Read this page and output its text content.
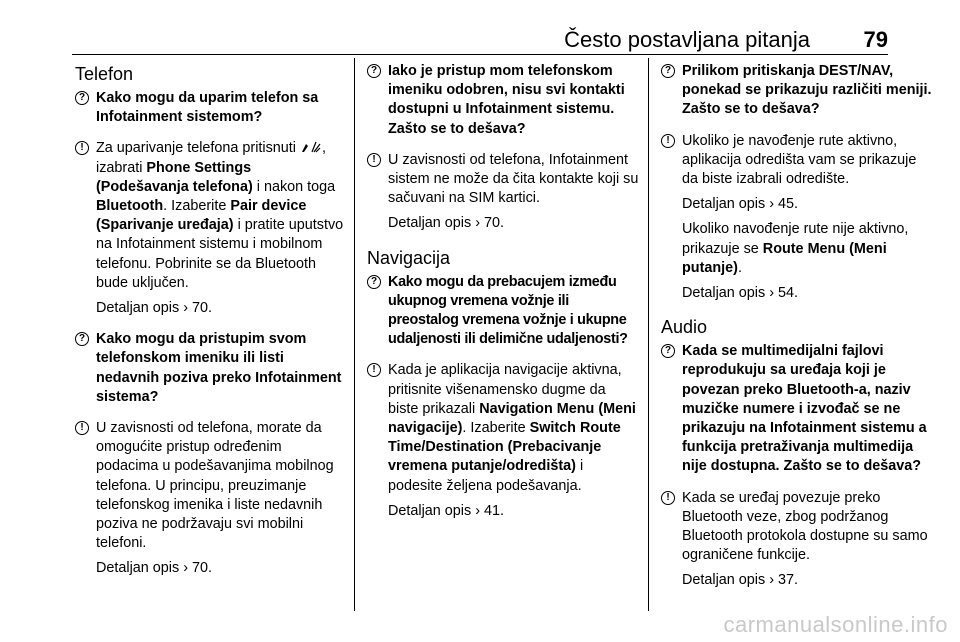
Često postavljana pitanja 79
Telefon
? Kako mogu da uparim telefon sa Infotainment sistemom?
! Za uparivanje telefona pritisnuti , izabrati Phone Settings (Podešavanja telefona) i nakon toga Bluetooth. Izaberite Pair device (Sparivanje uređaja) i pratite uputstvo na Infotainment sistemu i mobilnom telefonu. Pobrinite se da Bluetooth bude uključen.
Detaljan opis › 70.
? Kako mogu da pristupim svom telefonskom imeniku ili listi nedavnih poziva preko Infotainment sistema?
! U zavisnosti od telefona, morate da omogućite pristup određenim podacima u podešavanjima mobilnog telefona. U principu, preuzimanje telefonskog imenika i liste nedavnih poziva ne podržavaju svi mobilni telefoni.
Detaljan opis › 70.
? Iako je pristup mom telefonskom imeniku odobren, nisu svi kontakti dostupni u Infotainment sistemu. Zašto se to dešava?
! U zavisnosti od telefona, Infotainment sistem ne može da čita kontakte koji su sačuvani na SIM kartici.
Detaljan opis › 70.
Navigacija
? Kako mogu da prebacujem između ukupnog vremena vožnje ili preostalog vremena vožnje i ukupne udaljenosti ili delimične udaljenosti?
! Kada je aplikacija navigacije aktivna, pritisnite višenamensko dugme da biste prikazali Navigation Menu (Meni navigacije). Izaberite Switch Route Time/Destination (Prebacivanje vremena putanje/odredišta) i podesite željena podešavanja.
Detaljan opis › 41.
? Prilikom pritiskanja DEST/NAV, ponekad se prikazuju različiti meniji. Zašto se to dešava?
! Ukoliko je navođenje rute aktivno, aplikacija odredišta vam se prikazuje da biste izabrali odredište.
Detaljan opis › 45.
Ukoliko navođenje rute nije aktivno, prikazuje se Route Menu (Meni putanje).
Detaljan opis › 54.
Audio
? Kada se multimedijalni fajlovi reprodukuju sa uređaja koji je povezan preko Bluetooth-a, naziv muzičke numere i izvođač se ne prikazuju na Infotainment sistemu a funkcija pretraživanja multimedija nije dostupna. Zašto se to dešava?
! Kada se uređaj povezuje preko Bluetooth veze, zbog podržanog Bluetooth protokola dostupne su samo ograničene funkcije.
Detaljan opis › 37.
carmanualsonline.info
